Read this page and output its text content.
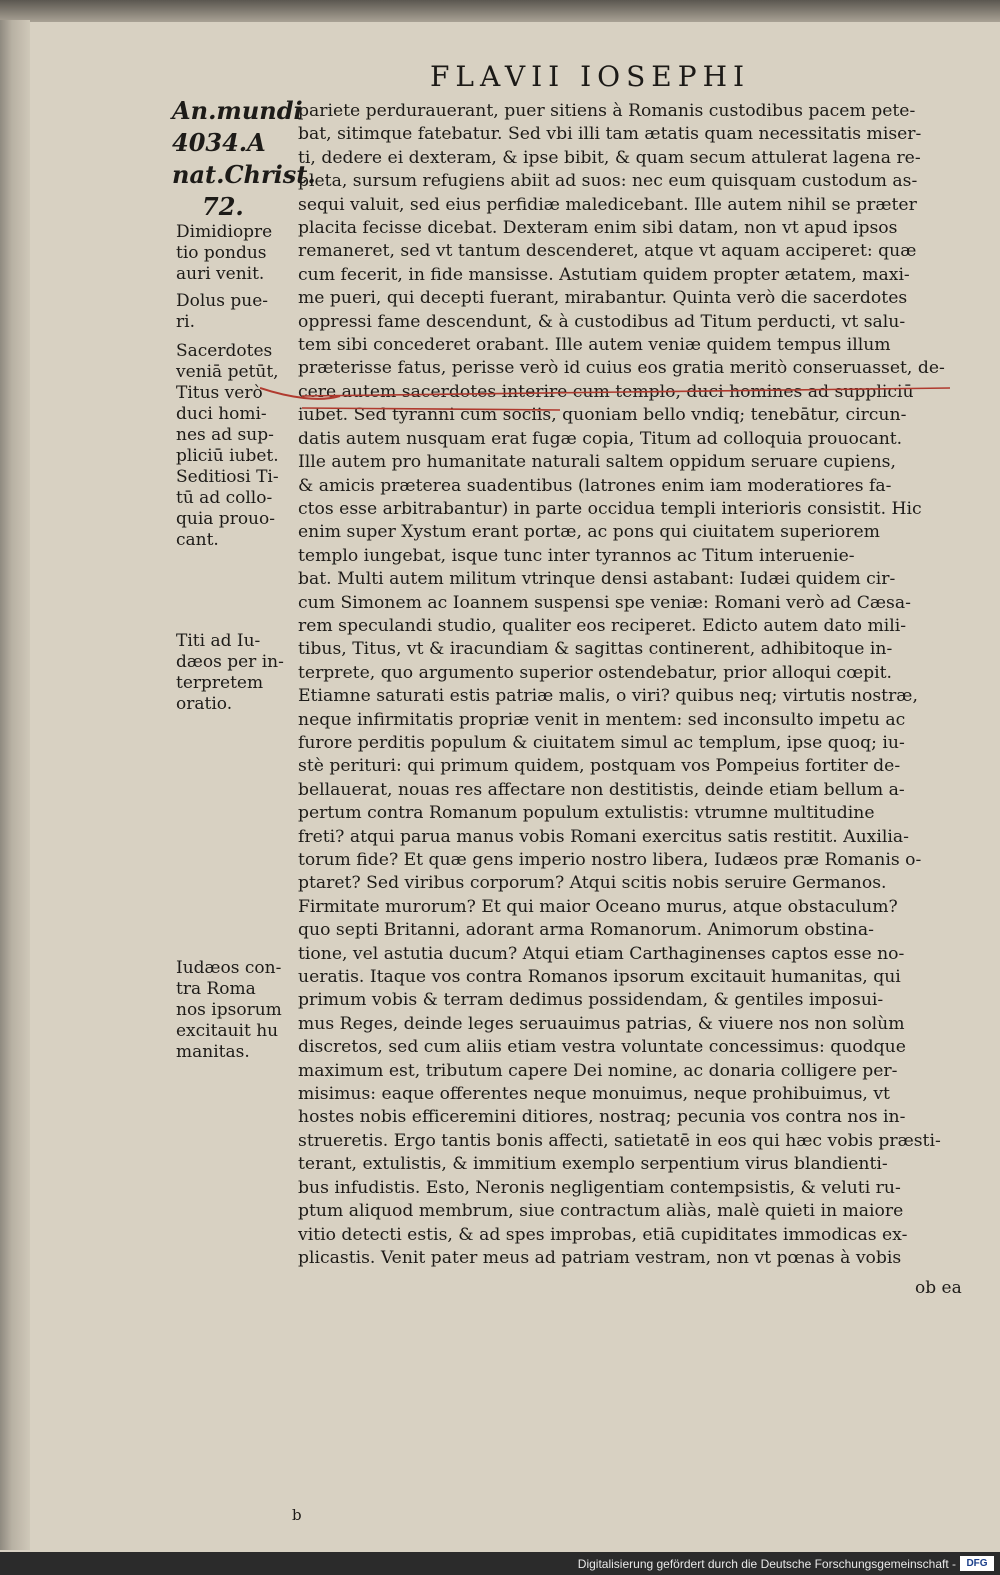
FLAVII IOSEPHI
An.mundi
4034.A
nat.Christ.
72.
Dimidiopre
tio pondus
auri venit.
Dolus pue-
ri.
Sacerdotes
veniā petūt,
Titus verò
duci homi-
nes ad sup-
pliciū iubet.
Seditiosi Ti-
tū ad collo-
quia prouo-
cant.
Titi ad Iu-
dæos per in-
terpretem
oratio.
Iudæos con-
tra Roma
nos ipsorum
excitauit hu
manitas.
pariete perdurauerant, puer sitiens à Romanis custodibus pacem pete-
bat, sitimque fatebatur. Sed vbi illi tam ætatis quam necessitatis miser-
ti, dedere ei dexteram, & ipse bibit, & quam secum attulerat lagena re-
pleta, sursum refugiens abiit ad suos: nec eum quisquam custodum as-
sequi valuit, sed eius perfidiæ maledicebant. Ille autem nihil se præter
placita fecisse dicebat. Dexteram enim sibi datam, non vt apud ipsos
remaneret, sed vt tantum descenderet, atque vt aquam acciperet: quæ
cum fecerit, in fide mansisse. Astutiam quidem propter ætatem, maxi-
me pueri, qui decepti fuerant, mirabantur. Quinta verò die sacerdotes
oppressi fame descendunt, & à custodibus ad Titum perducti, vt salu-
tem sibi concederet orabant. Ille autem veniæ quidem tempus illum
præterisse fatus, perisse verò id cuius eos gratia meritò conseruasset, de-
cere autem sacerdotes interire cum templo, duci homines ad suppliciū
iubet. Sed tyranni cum sociis, quoniam bello vndiq; tenebātur, circun-
datis autem nusquam erat fugæ copia, Titum ad colloquia prouocant.
Ille autem pro humanitate naturali saltem oppidum seruare cupiens,
& amicis præterea suadentibus (latrones enim iam moderatiores fa-
ctos esse arbitrabantur) in parte occidua templi interioris consistit. Hic
enim super Xystum erant portæ, ac pons qui ciuitatem superiorem
templo iungebat, isque tunc inter tyrannos ac Titum interuenie-
bat. Multi autem militum vtrinque densi astabant: Iudæi quidem cir-
cum Simonem ac Ioannem suspensi spe veniæ: Romani verò ad Cæsa-
rem speculandi studio, qualiter eos reciperet. Edicto autem dato mili-
tibus, Titus, vt & iracundiam & sagittas continerent, adhibitoque in-
terprete, quo argumento superior ostendebatur, prior alloqui cœpit.
Etiamne saturati estis patriæ malis, o viri? quibus neq; virtutis nostræ,
neque infirmitatis propriæ venit in mentem: sed inconsulto impetu ac
furore perditis populum & ciuitatem simul ac templum, ipse quoq; iu-
stè perituri: qui primum quidem, postquam vos Pompeius fortiter de-
bellauerat, nouas res affectare non destitistis, deinde etiam bellum a-
pertum contra Romanum populum extulistis: vtrumne multitudine
freti? atqui parua manus vobis Romani exercitus satis restitit. Auxilia-
torum fide? Et quæ gens imperio nostro libera, Iudæos præ Romanis o-
ptaret? Sed viribus corporum? Atqui scitis nobis seruire Germanos.
Firmitate murorum? Et qui maior Oceano murus, atque obstaculum?
quo septi Britanni, adorant arma Romanorum. Animorum obstina-
tione, vel astutia ducum? Atqui etiam Carthaginenses captos esse no-
ueratis. Itaque vos contra Romanos ipsorum excitauit humanitas, qui
primum vobis & terram dedimus possidendam, & gentiles imposui-
mus Reges, deinde leges seruauimus patrias, & viuere nos non solùm
discretos, sed cum aliis etiam vestra voluntate concessimus: quodque
maximum est, tributum capere Dei nomine, ac donaria colligere per-
misimus: eaque offerentes neque monuimus, neque prohibuimus, vt
hostes nobis efficeremini ditiores, nostraq; pecunia vos contra nos in-
strueretis. Ergo tantis bonis affecti, satietatē in eos qui hæc vobis præsti-
terant, extulistis, & immitium exemplo serpentium virus blandienti-
bus infudistis. Esto, Neronis negligentiam contempsistis, & veluti ru-
ptum aliquod membrum, siue contractum aliàs, malè quieti in maiore
vitio detecti estis, & ad spes improbas, etiā cupiditates immodicas ex-
plicastis. Venit pater meus ad patriam vestram, non vt pœnas à vobis
ob ea
b
Digitalisierung gefördert durch die Deutsche Forschungsgemeinschaft -	DFG
